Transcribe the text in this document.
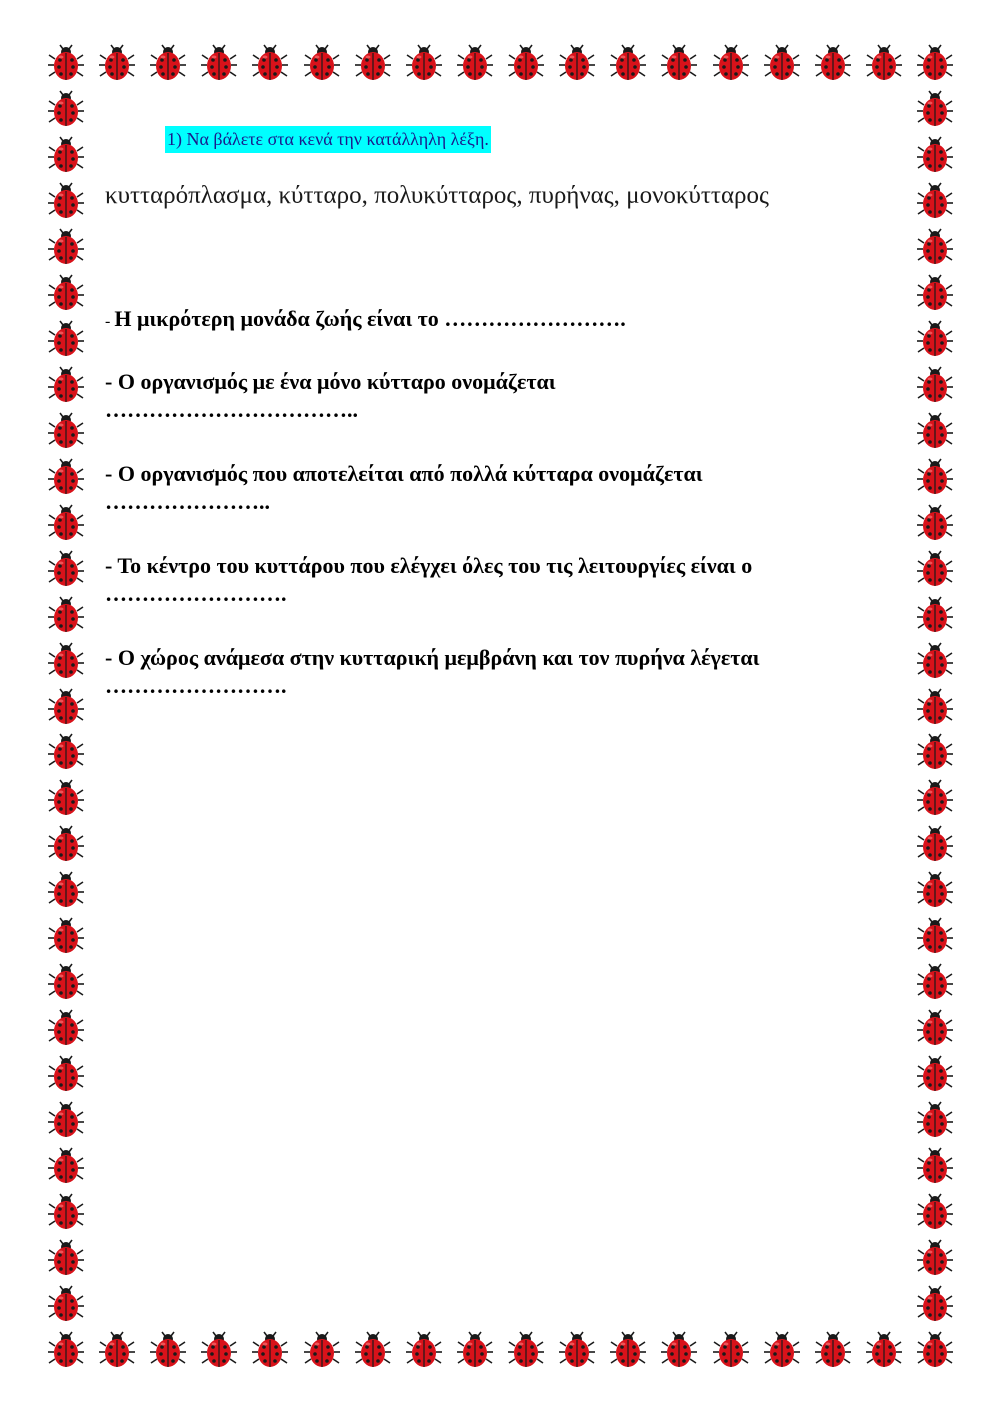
1) Να βάλετε στα κενά την κατάλληλη λέξη.
κυτταρόπλασμα, κύτταρο, πολυκύτταρος, πυρήνας, μονοκύτταρος

- Η μικρότερη μονάδα ζωής είναι το …………………….

- Ο οργανισμός με ένα μόνο κύτταρο ονομάζεται
……………………………..

- Ο οργανισμός που αποτελείται από πολλά κύτταρα ονομάζεται
…………………..

- Το κέντρο του κυττάρου που ελέγχει όλες του τις λειτουργίες είναι ο
…………………….

- Ο χώρος ανάμεσα στην κυτταρική μεμβράνη και τον πυρήνα λέγεται
…………………….
